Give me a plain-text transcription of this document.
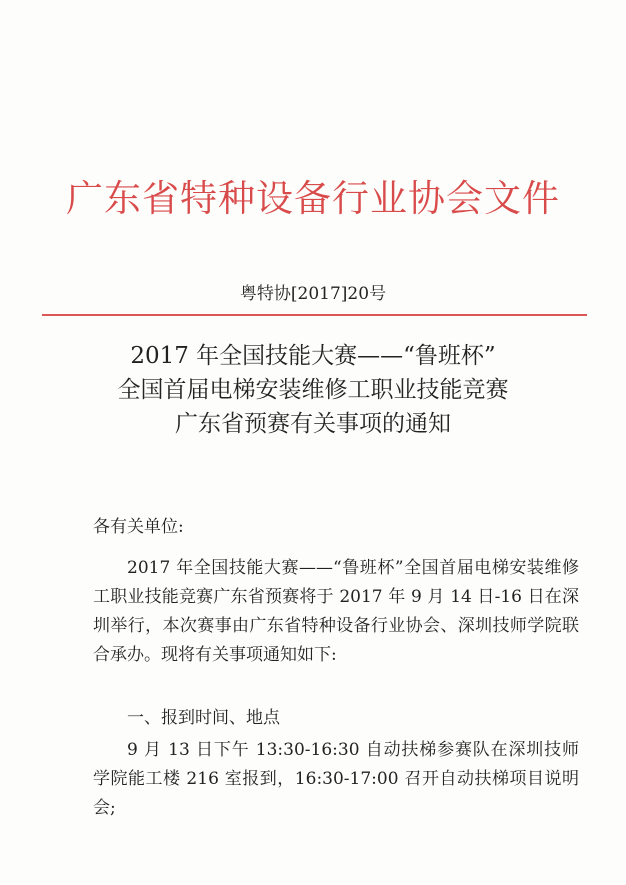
广东省特种设备行业协会文件
粤特协[2017]20号
2017 年全国技能大赛——“鲁班杯”
全国首届电梯安装维修工职业技能竞赛
广东省预赛有关事项的通知
各有关单位:
2017 年全国技能大赛——“鲁班杯”全国首届电梯安装维修工职业技能竞赛广东省预赛将于 2017 年 9 月 14 日-16 日在深圳举行，本次赛事由广东省特种设备行业协会、深圳技师学院联合承办。现将有关事项通知如下:
一、报到时间、地点
9 月 13 日下午 13:30-16:30 自动扶梯参赛队在深圳技师学院能工楼 216 室报到，16:30-17:00 召开自动扶梯项目说明会;
